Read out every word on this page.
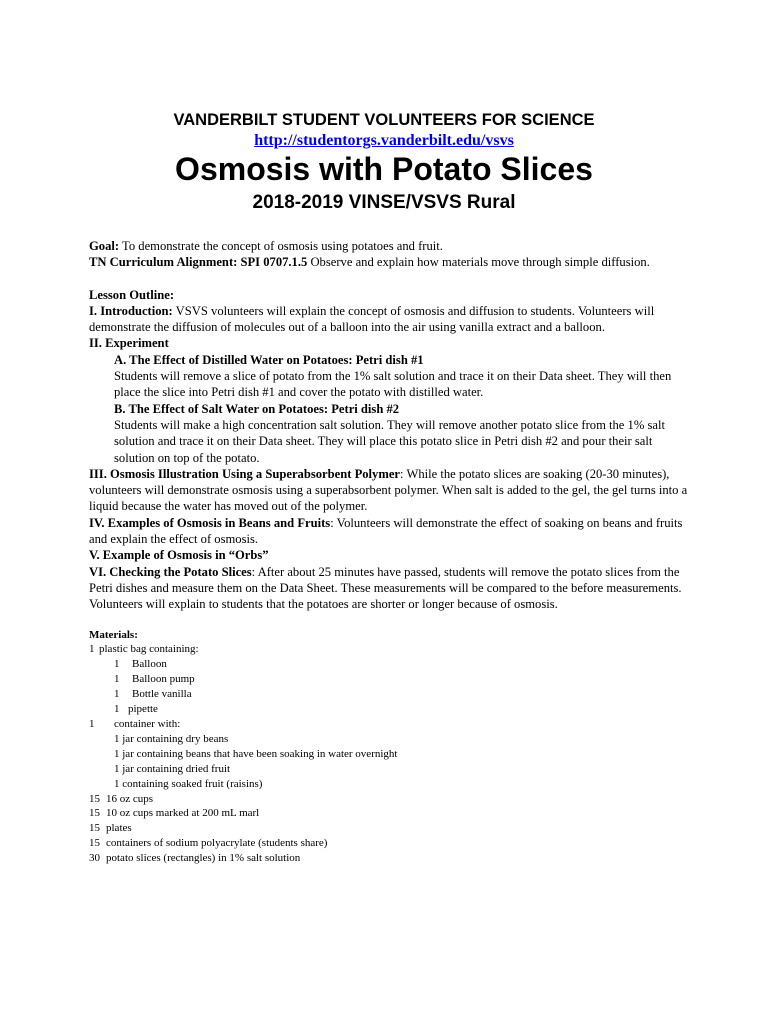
VANDERBILT STUDENT VOLUNTEERS FOR SCIENCE
http://studentorgs.vanderbilt.edu/vsvs
Osmosis with Potato Slices
2018-2019 VINSE/VSVS Rural

Goal: To demonstrate the concept of osmosis using potatoes and fruit.

TN Curriculum Alignment: SPI 0707.1.5 Observe and explain how materials move through simple diffusion.

Lesson Outline:

I. Introduction: VSVS volunteers will explain the concept of osmosis and diffusion to students. Volunteers will demonstrate the diffusion of molecules out of a balloon into the air using vanilla extract and a balloon.

II. Experiment

A. The Effect of Distilled Water on Potatoes: Petri dish #1

Students will remove a slice of potato from the 1% salt solution and trace it on their Data sheet. They will then place the slice into Petri dish #1 and cover the potato with distilled water.

B. The Effect of Salt Water on Potatoes: Petri dish #2

Students will make a high concentration salt solution. They will remove another potato slice from the 1% salt solution and trace it on their Data sheet. They will place this potato slice in Petri dish #2 and pour their salt solution on top of the potato.

III. Osmosis Illustration Using a Superabsorbent Polymer: While the potato slices are soaking (20-30 minutes), volunteers will demonstrate osmosis using a superabsorbent polymer. When salt is added to the gel, the gel turns into a liquid because the water has moved out of the polymer.

IV. Examples of Osmosis in Beans and Fruits: Volunteers will demonstrate the effect of soaking on beans and fruits and explain the effect of osmosis.

V. Example of Osmosis in “Orbs”

VI. Checking the Potato Slices: After about 25 minutes have passed, students will remove the potato slices from the Petri dishes and measure them on the Data Sheet. These measurements will be compared to the before measurements. Volunteers will explain to students that the potatoes are shorter or longer because of osmosis.

Materials:

1 plastic bag containing:

1 Balloon

1 Balloon pump

1 Bottle vanilla

1 pipette

1 container with:

1 jar containing dry beans

1 jar containing beans that have been soaking in water overnight

1 jar containing dried fruit

1 containing soaked fruit (raisins)

15 16 oz cups

15 10 oz cups marked at 200 mL marl

15 plates

15 containers of sodium polyacrylate (students share)

30 potato slices (rectangles) in 1% salt solution
